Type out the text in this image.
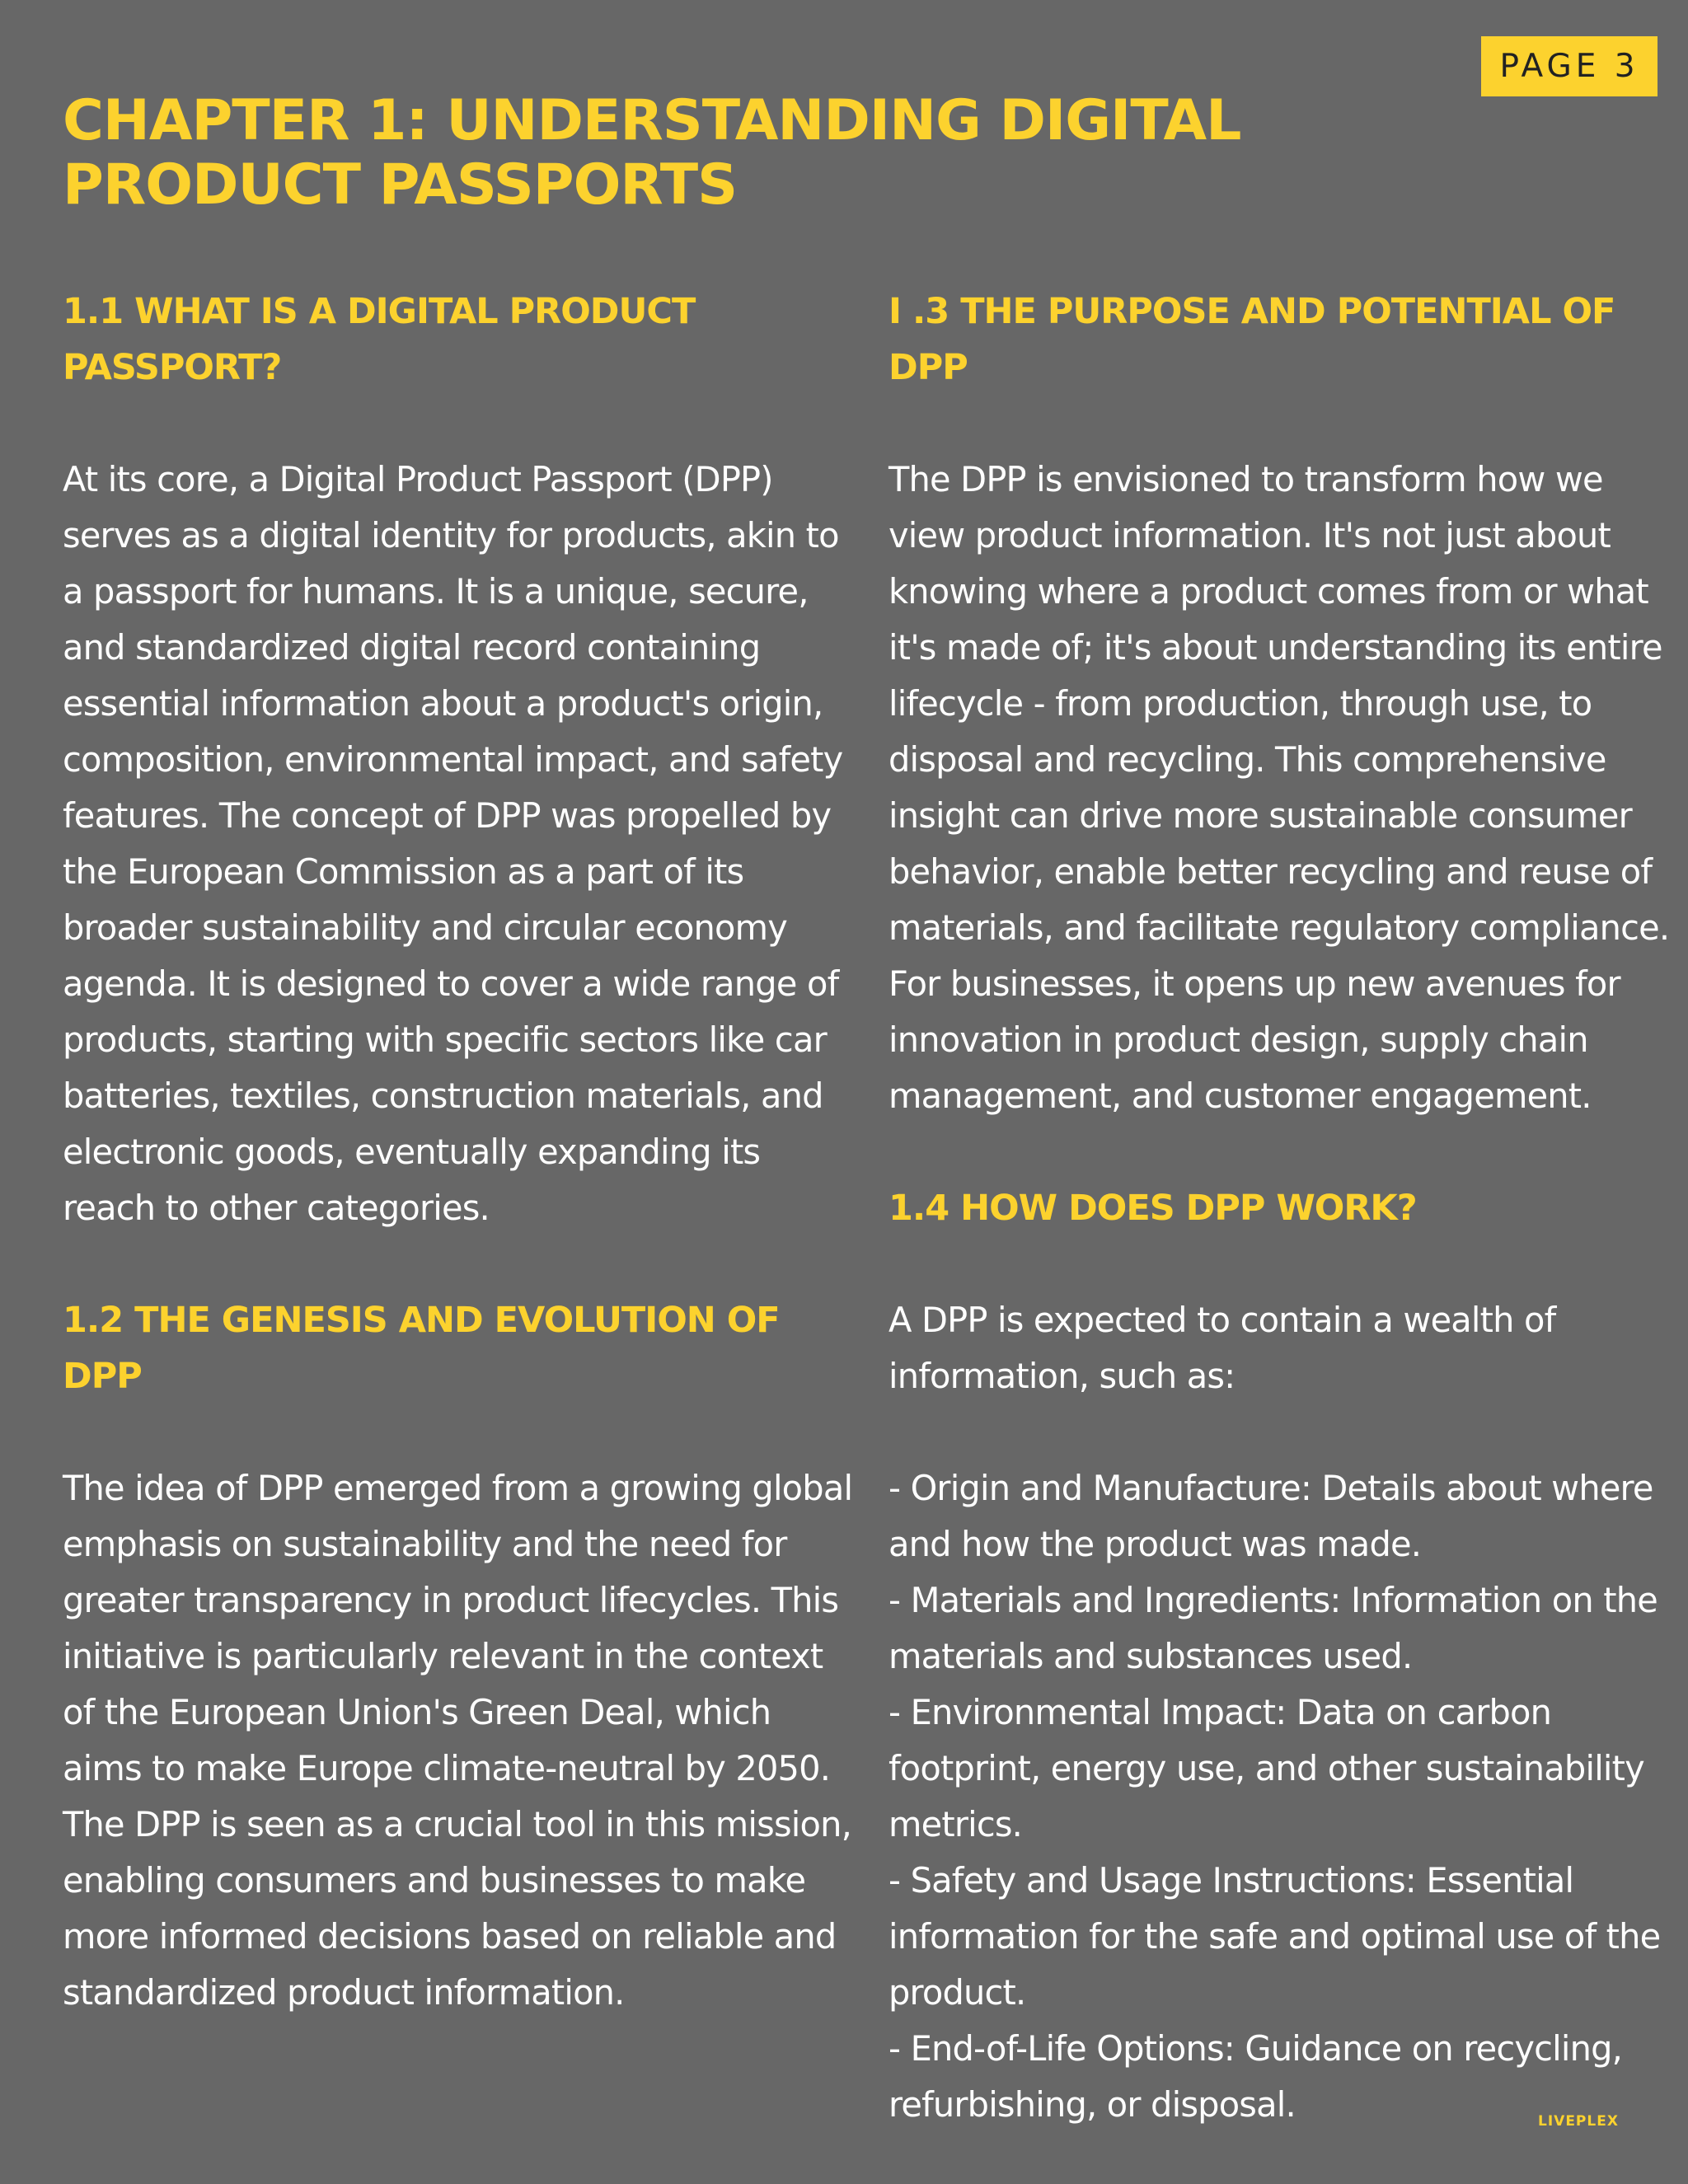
PAGE 3
CHAPTER 1: UNDERSTANDING DIGITAL PRODUCT PASSPORTS
1.1 WHAT IS A DIGITAL PRODUCT PASSPORT?

At its core, a Digital Product Passport (DPP) serves as a digital identity for products, akin to a passport for humans. It is a unique, secure, and standardized digital record containing essential information about a product's origin, composition, environmental impact, and safety features. The concept of DPP was propelled by the European Commission as a part of its broader sustainability and circular economy agenda. It is designed to cover a wide range of products, starting with specific sectors like car batteries, textiles, construction materials, and electronic goods, eventually expanding its reach to other categories.

1.2 THE GENESIS AND EVOLUTION OF DPP

The idea of DPP emerged from a growing global emphasis on sustainability and the need for greater transparency in product lifecycles. This initiative is particularly relevant in the context of the European Union's Green Deal, which aims to make Europe climate-neutral by 2050. The DPP is seen as a crucial tool in this mission, enabling consumers and businesses to make more informed decisions based on reliable and standardized product information.

I .3 THE PURPOSE AND POTENTIAL OF DPP

The DPP is envisioned to transform how we view product information. It's not just about knowing where a product comes from or what it's made of; it's about understanding its entire lifecycle - from production, through use, to disposal and recycling. This comprehensive insight can drive more sustainable consumer behavior, enable better recycling and reuse of materials, and facilitate regulatory compliance. For businesses, it opens up new avenues for innovation in product design, supply chain management, and customer engagement.

1.4 HOW DOES DPP WORK?

A DPP is expected to contain a wealth of information, such as:

- Origin and Manufacture: Details about where and how the product was made.
- Materials and Ingredients: Information on the materials and substances used.
- Environmental Impact: Data on carbon footprint, energy use, and other sustainability metrics.
- Safety and Usage Instructions: Essential information for the safe and optimal use of the product.
- End-of-Life Options: Guidance on recycling, refurbishing, or disposal.	LIVEPLEX
